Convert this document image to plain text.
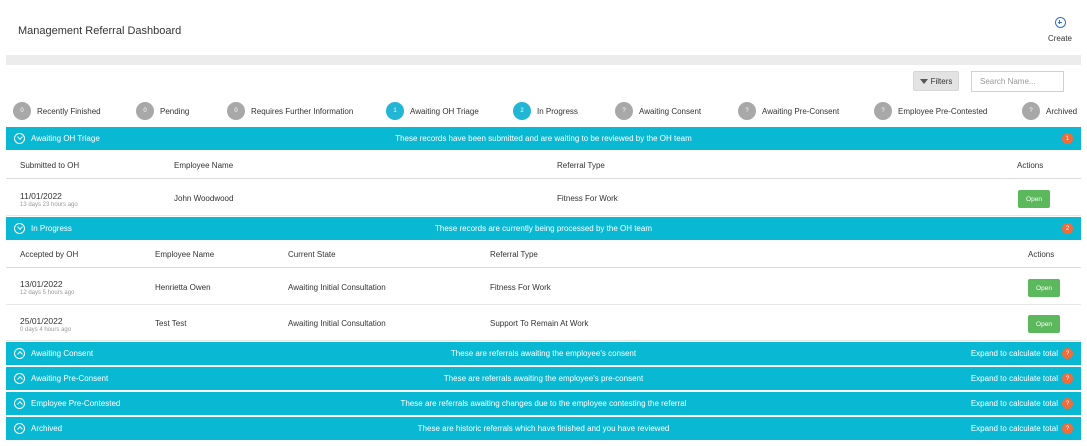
Management Referral Dashboard
Create
Filters
Search Name...
0	Recently Finished	0	Pending	0	Requires Further Information	1	Awaiting OH Triage	2	In Progress	?	Awaiting Consent	?	Awaiting Pre-Consent	?	Employee Pre-Contested	?	Archived
Awaiting OH Triage	These records have been submitted and are waiting to be reviewed by the OH team	1
Submitted to OH	Employee Name	Referral Type	Actions
11/01/2022
13 days 23 hours ago
John Woodwood	Fitness For Work	Open
In Progress	These records are currently being processed by the OH team	2
Accepted by OH	Employee Name	Current State	Referral Type	Actions
13/01/2022
12 days 5 hours ago
Henrietta Owen	Awaiting Initial Consultation	Fitness For Work	Open
25/01/2022
0 days 4 hours ago
Test Test	Awaiting Initial Consultation	Support To Remain At Work	Open
Awaiting Consent	These are referrals awaiting the employee's consent	Expand to calculate total	?
Awaiting Pre-Consent	These are referrals awaiting the employee's pre-consent	Expand to calculate total	?
Employee Pre-Contested	These are referrals awaiting changes due to the employee contesting the referral	Expand to calculate total	?
Archived	These are historic referrals which have finished and you have reviewed	Expand to calculate total	?
